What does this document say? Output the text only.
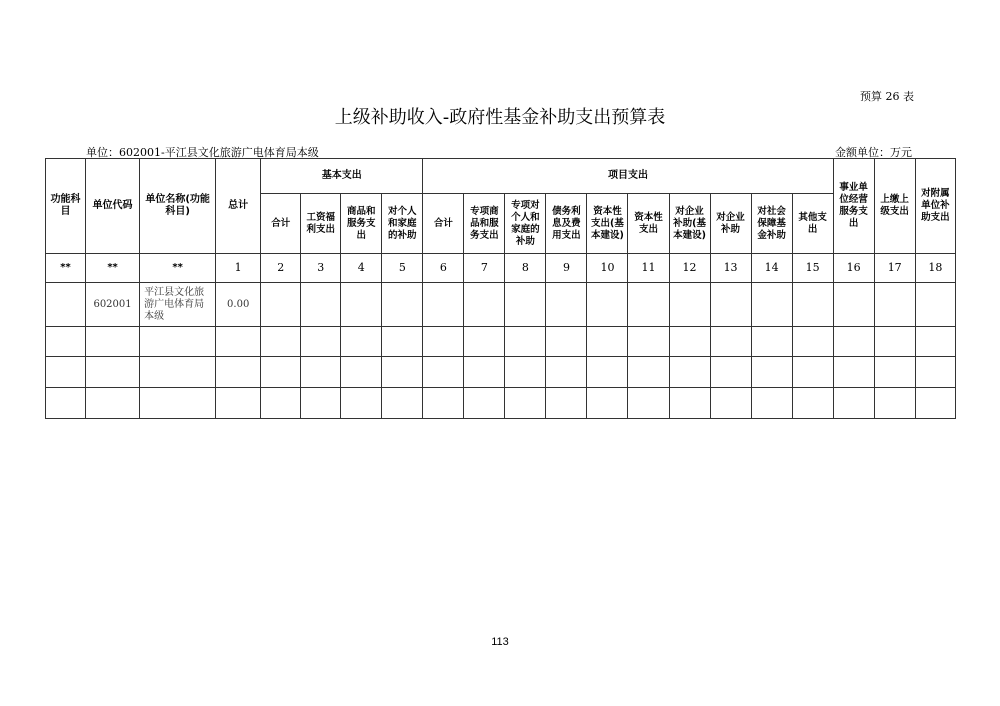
预算 26 表
上级补助收入-政府性基金补助支出预算表
单位：602001-平江县文化旅游广电体育局本级	金额单位：万元
功能科目	单位代码	单位名称(功能科目)	总计	基本支出				项目支出										事业单位经营服务支出	上缴上级支出	对附属单位补助支出
				合计	工资福利支出	商品和服务支出	对个人和家庭的补助	合计	专项商品和服务支出	专项对个人和家庭的补助	债务利息及费用支出	资本性支出(基本建设)	资本性支出	对企业补助(基本建设)	对企业补助	对社会保障基金补助	其他支出			
**	**	**	1	2	3	4	5	6	7	8	9	10	11	12	13	14	15	16	17	18
	602001	平江县文化旅游广电体育局本级	0.00																	

113
